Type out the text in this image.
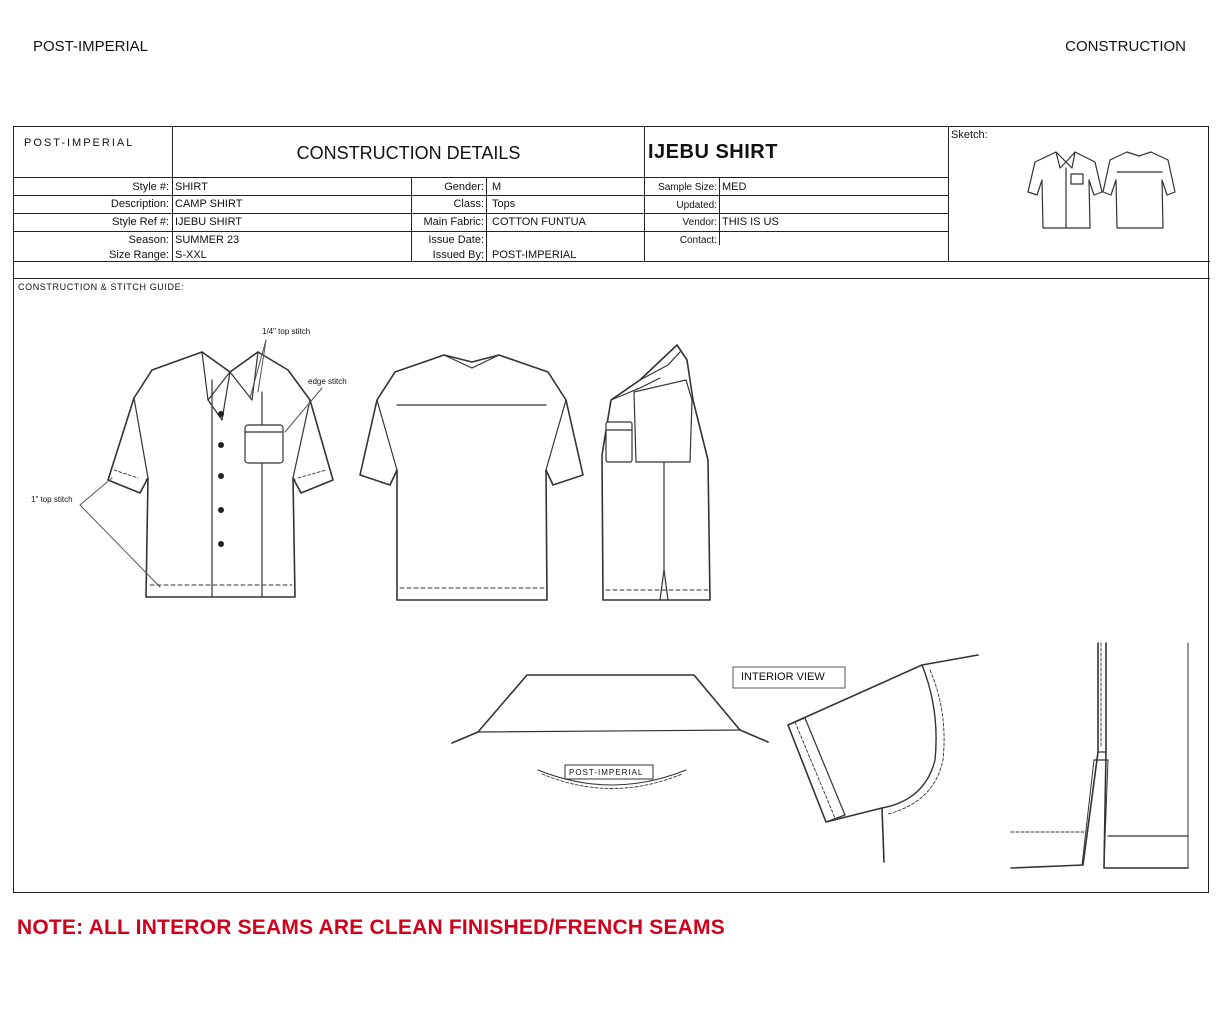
POST-IMPERIAL	CONSTRUCTION
POST-IMPERIAL	CONSTRUCTION DETAILS	IJEBU SHIRT
Sketch:
Style #: SHIRT
Description: CAMP SHIRT
Style Ref #: IJEBU SHIRT
Season: SUMMER 23
Size Range: S-XXL
Gender: M
Class: Tops
Main Fabric: COTTON FUNTUA
Issue Date:
Issued By: POST-IMPERIAL
Sample Size: MED
Updated:
Vendor: THIS IS US
Contact:
CONSTRUCTION & STITCH GUIDE:
1/4" top stitch
edge stitch
1" top stitch
INTERIOR VIEW
POST-IMPERIAL
NOTE: ALL INTEROR SEAMS ARE CLEAN FINISHED/FRENCH SEAMS
